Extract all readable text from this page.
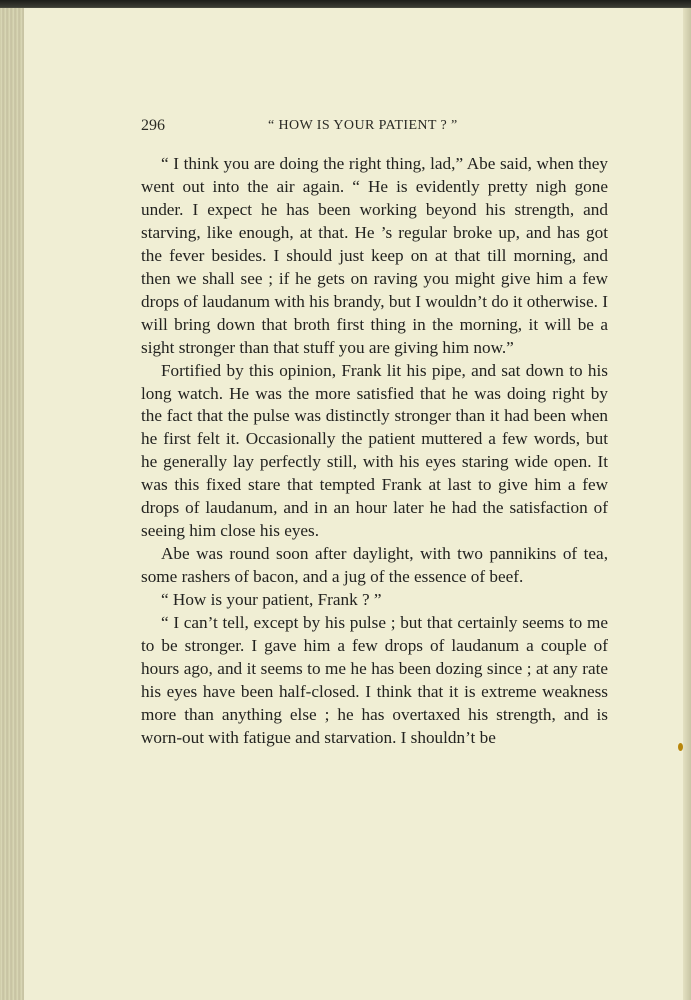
296	“ HOW IS YOUR PATIENT ? ”

“ I think you are doing the right thing, lad,” Abe said, when they went out into the air again. “ He is evidently pretty nigh gone under. I expect he has been working beyond his strength, and starving, like enough, at that. He ’s regular broke up, and has got the fever besides. I should just keep on at that till morning, and then we shall see ; if he gets on raving you might give him a few drops of laudanum with his brandy, but I wouldn’t do it otherwise. I will bring down that broth first thing in the morning, it will be a sight stronger than that stuff you are giving him now.”

Fortified by this opinion, Frank lit his pipe, and sat down to his long watch. He was the more satisfied that he was doing right by the fact that the pulse was distinctly stronger than it had been when he first felt it. Occasionally the patient muttered a few words, but he generally lay perfectly still, with his eyes staring wide open. It was this fixed stare that tempted Frank at last to give him a few drops of laudanum, and in an hour later he had the satisfaction of seeing him close his eyes.

Abe was round soon after daylight, with two pannikins of tea, some rashers of bacon, and a jug of the essence of beef.

“ How is your patient, Frank ? ”

“ I can’t tell, except by his pulse ; but that certainly seems to me to be stronger. I gave him a few drops of laudanum a couple of hours ago, and it seems to me he has been dozing since ; at any rate his eyes have been half-closed. I think that it is extreme weakness more than anything else ; he has overtaxed his strength, and is worn-out with fatigue and starvation. I shouldn’t be
